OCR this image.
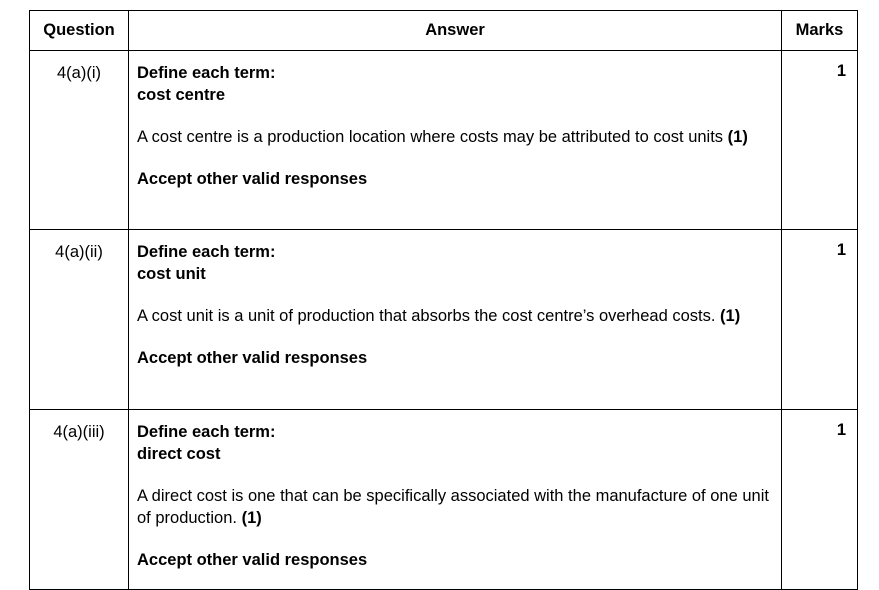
Question	Answer	Marks
4(a)(i)	Define each term:
cost centre
A cost centre is a production location where costs may be attributed to cost units (1)
Accept other valid responses	1
4(a)(ii)	Define each term:
cost unit
A cost unit is a unit of production that absorbs the cost centre’s overhead costs. (1)
Accept other valid responses	1
4(a)(iii)	Define each term:
direct cost
A direct cost is one that can be specifically associated with the manufacture of one unit of production. (1)
Accept other valid responses	1
